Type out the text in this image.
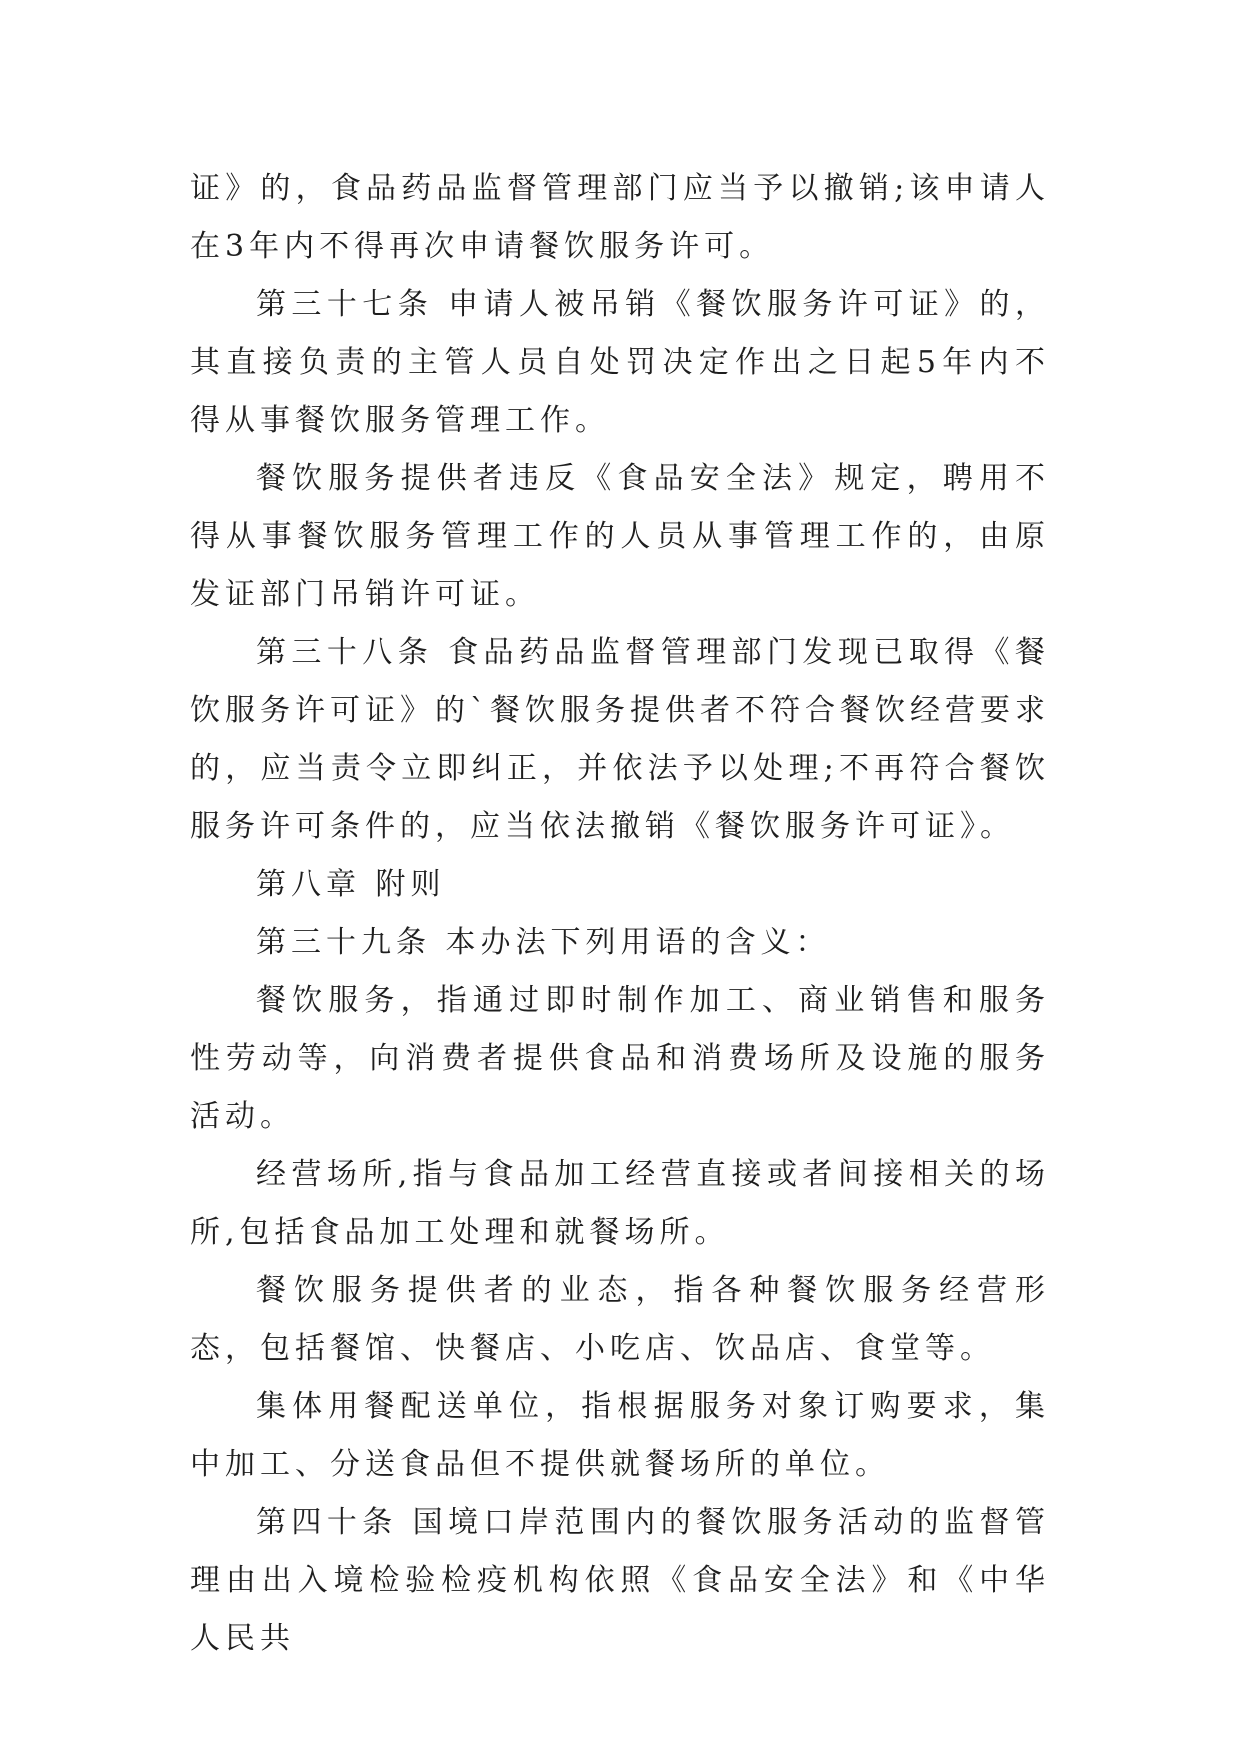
证》的，食品药品监督管理部门应当予以撤销;该申请人在3年内不得再次申请餐饮服务许可。

第三十七条 申请人被吊销《餐饮服务许可证》的，其直接负责的主管人员自处罚决定作出之日起5年内不得从事餐饮服务管理工作。

餐饮服务提供者违反《食品安全法》规定，聘用不得从事餐饮服务管理工作的人员从事管理工作的，由原发证部门吊销许可证。

第三十八条 食品药品监督管理部门发现已取得《餐饮服务许可证》的`餐饮服务提供者不符合餐饮经营要求的，应当责令立即纠正，并依法予以处理;不再符合餐饮服务许可条件的，应当依法撤销《餐饮服务许可证》。

第八章 附则

第三十九条 本办法下列用语的含义：

餐饮服务，指通过即时制作加工、商业销售和服务性劳动等，向消费者提供食品和消费场所及设施的服务活动。

经营场所,指与食品加工经营直接或者间接相关的场所,包括食品加工处理和就餐场所。

餐饮服务提供者的业态，指各种餐饮服务经营形态，包括餐馆、快餐店、小吃店、饮品店、食堂等。

集体用餐配送单位，指根据服务对象订购要求，集中加工、分送食品但不提供就餐场所的单位。

第四十条 国境口岸范围内的餐饮服务活动的监督管理由出入境检验检疫机构依照《食品安全法》和《中华人民共
